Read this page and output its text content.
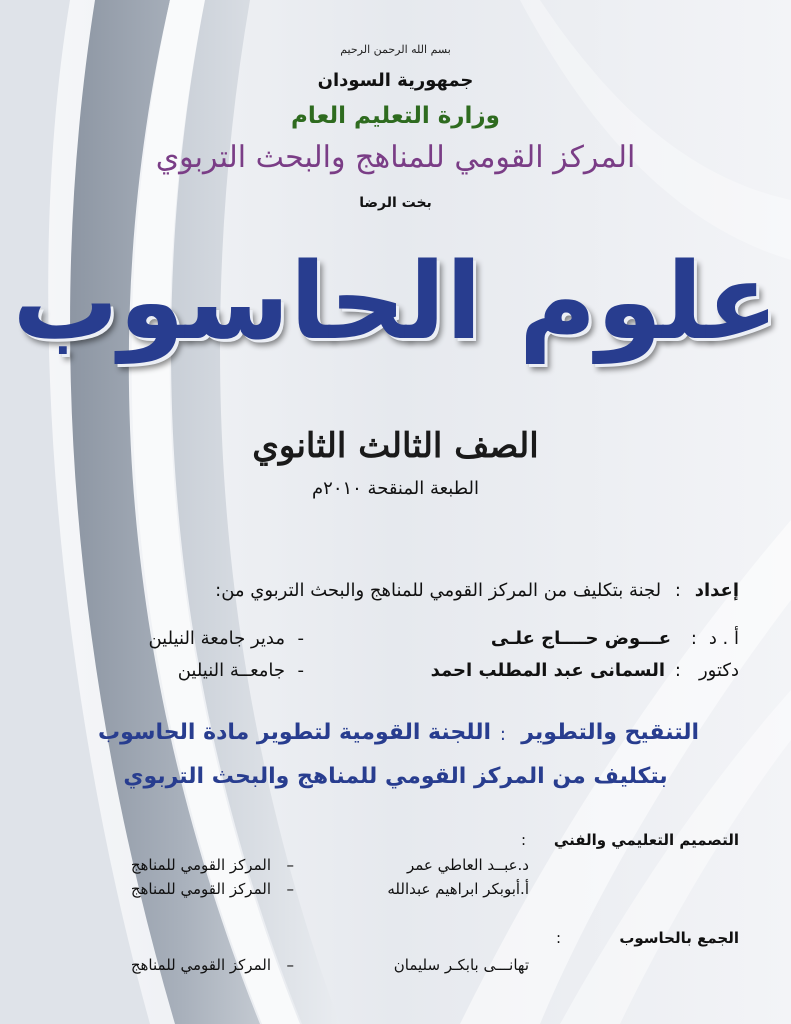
بسم الله الرحمن الرحيم
جمهورية السودان
وزارة التعليم العام
المركز القومي للمناهج والبحث التربوي
بخت الرضا
علوم الحاسوب
الصف الثالث الثانوي
الطبعة المنقحة ٢٠١٠م
إعداد : لجنة بتكليف من المركز القومي للمناهج والبحث التربوي من:
أ . د
:
عـــوض حــــاج علـى
-
مدير جامعة النيلين
دكتور
:
السمانى عبد المطلب احمد
-
جامعــة النيلين
التنقيح والتطوير
:
اللجنة القومية لتطوير مادة الحاسوب
بتكليف من المركز القومي للمناهج والبحث التربوي
التصميم التعليمي والفني
:
د.عبــد العاطي عمر
–
المركز القومي للمناهج
أ.أبوبكر ابراهيم عبدالله
–
المركز القومي للمناهج
الجمع بالحاسوب
:
تهانـــى بابكـر سليمان
–
المركز القومي للمناهج
